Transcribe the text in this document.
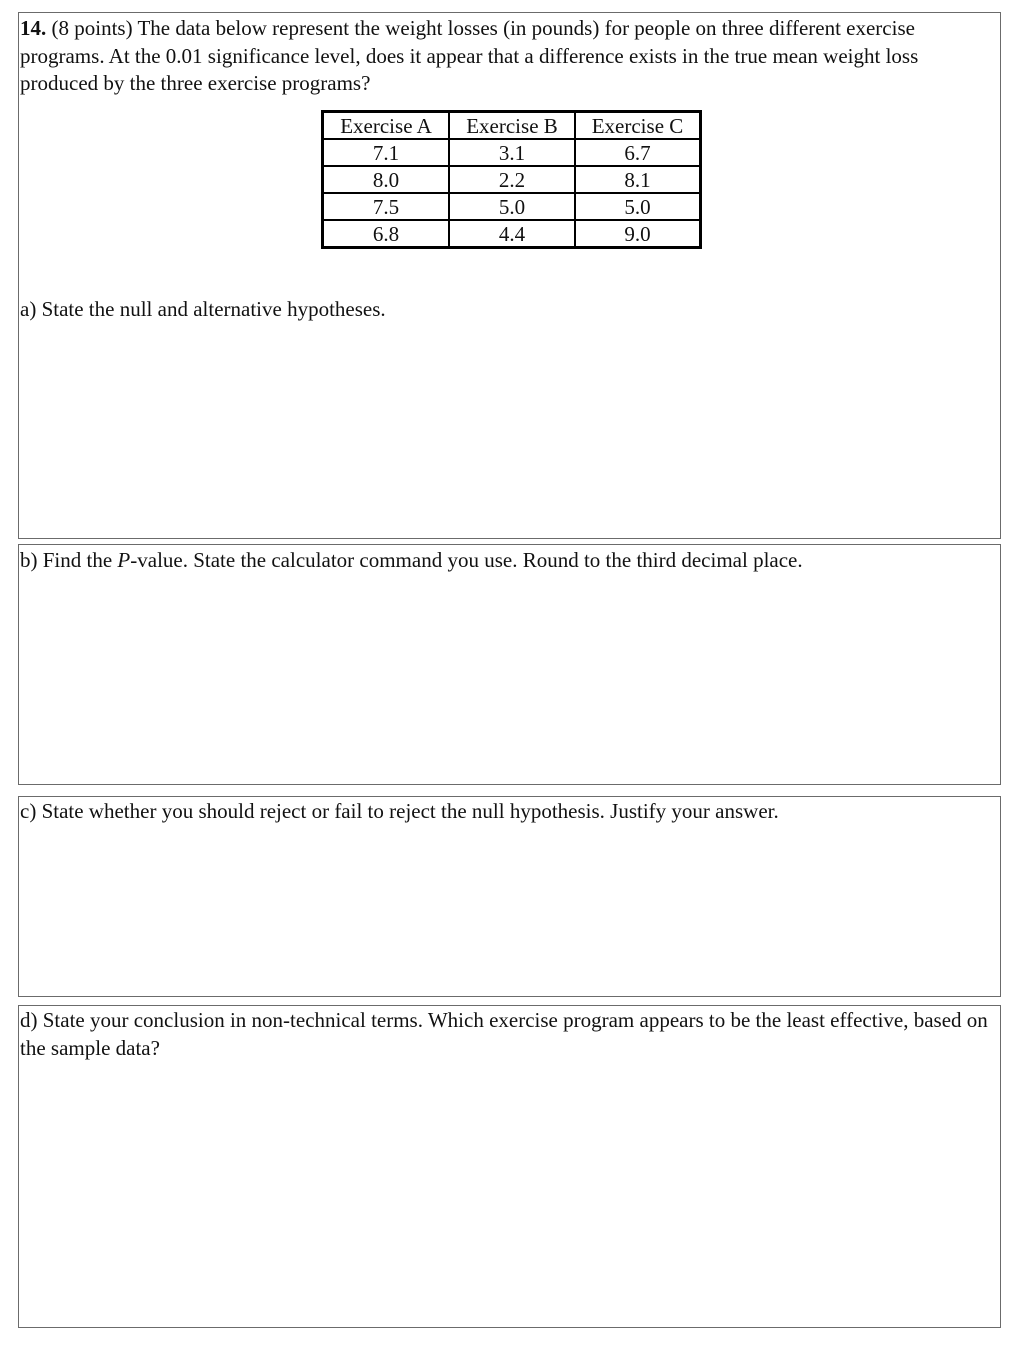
14. (8 points) The data below represent the weight losses (in pounds) for people on three different exercise programs. At the 0.01 significance level, does it appear that a difference exists in the true mean weight loss produced by the three exercise programs?

Exercise A	Exercise B	Exercise C
7.1	3.1	6.7
8.0	2.2	8.1
7.5	5.0	5.0
6.8	4.4	9.0

a) State the null and alternative hypotheses.

b) Find the P-value. State the calculator command you use. Round to the third decimal place.

c) State whether you should reject or fail to reject the null hypothesis. Justify your answer.

d) State your conclusion in non-technical terms. Which exercise program appears to be the least effective, based on the sample data?
